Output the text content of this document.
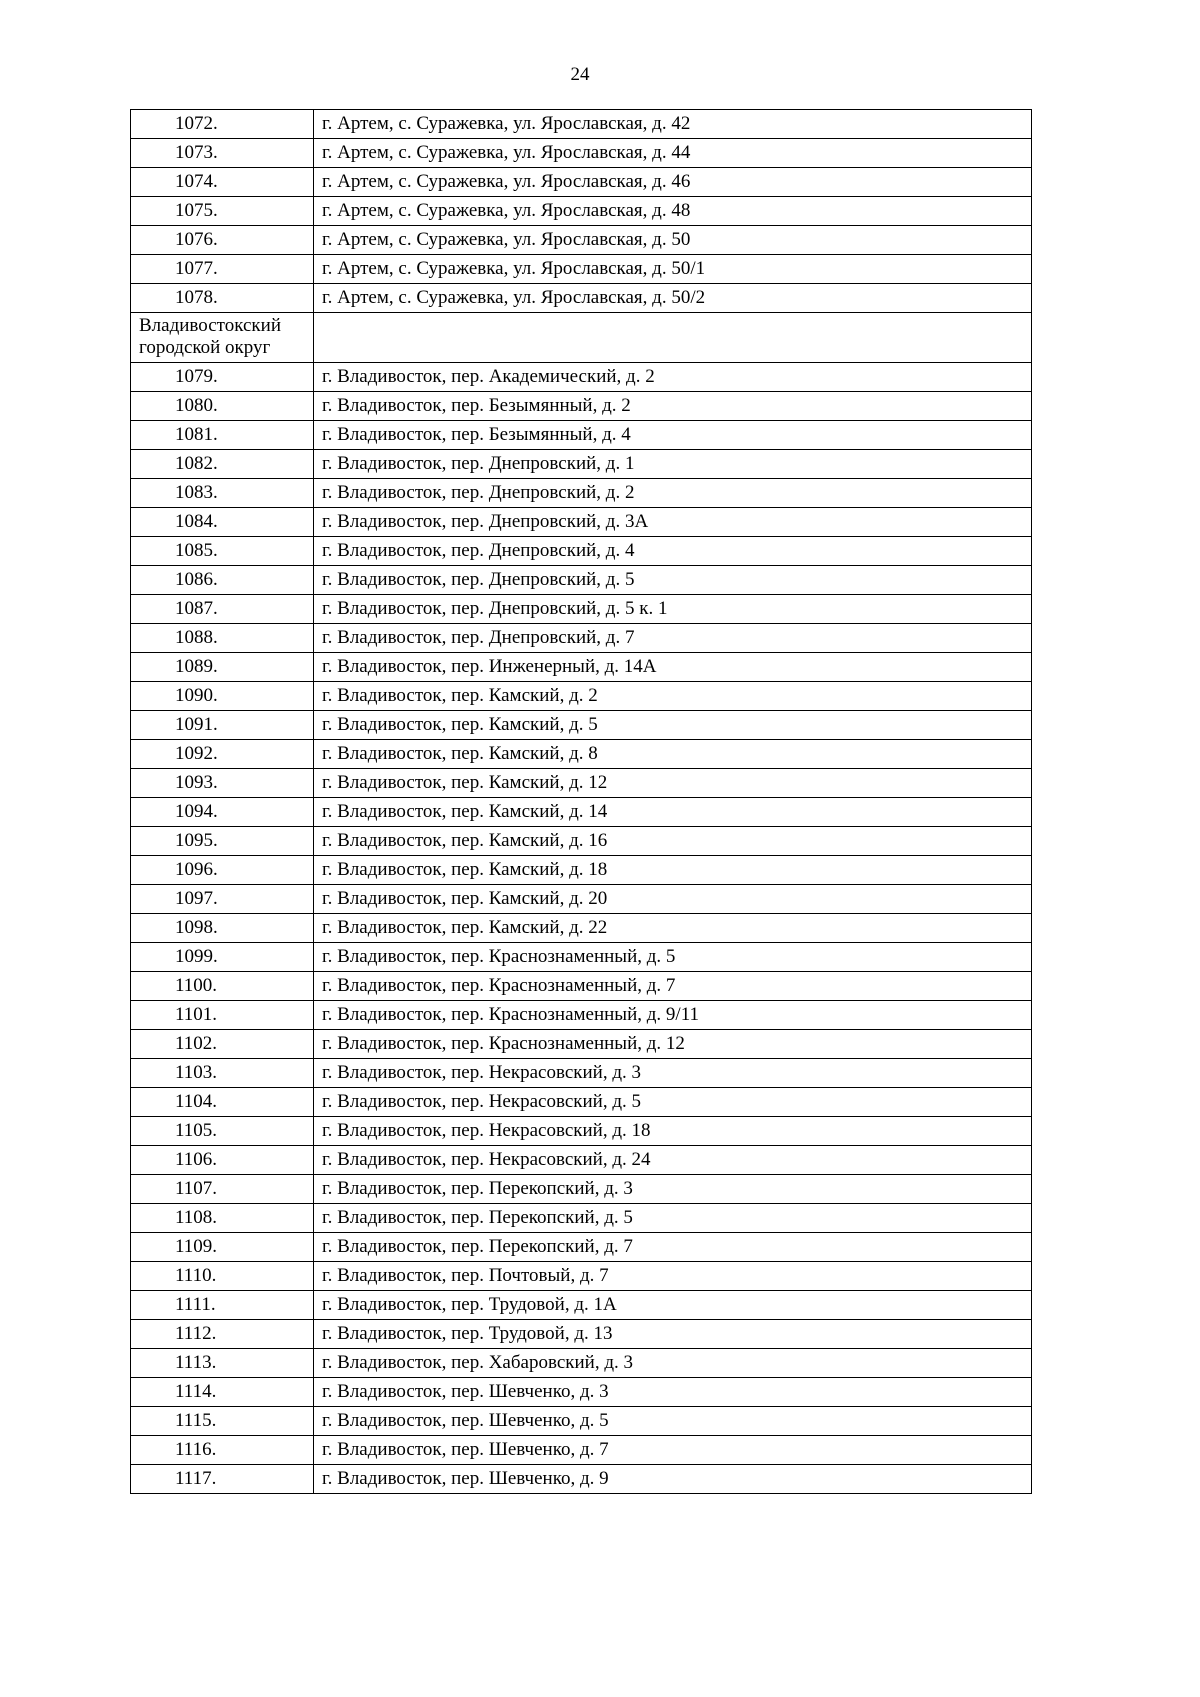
24
1072.	г. Артем, с. Суражевка, ул. Ярославская, д. 42
1073.	г. Артем, с. Суражевка, ул. Ярославская, д. 44
1074.	г. Артем, с. Суражевка, ул. Ярославская, д. 46
1075.	г. Артем, с. Суражевка, ул. Ярославская, д. 48
1076.	г. Артем, с. Суражевка, ул. Ярославская, д. 50
1077.	г. Артем, с. Суражевка, ул. Ярославская, д. 50/1
1078.	г. Артем, с. Суражевка, ул. Ярославская, д. 50/2
Владивостокский городской округ	
1079.	г. Владивосток, пер. Академический, д. 2
1080.	г. Владивосток, пер. Безымянный, д. 2
1081.	г. Владивосток, пер. Безымянный, д. 4
1082.	г. Владивосток, пер. Днепровский, д. 1
1083.	г. Владивосток, пер. Днепровский, д. 2
1084.	г. Владивосток, пер. Днепровский, д. 3А
1085.	г. Владивосток, пер. Днепровский, д. 4
1086.	г. Владивосток, пер. Днепровский, д. 5
1087.	г. Владивосток, пер. Днепровский, д. 5 к. 1
1088.	г. Владивосток, пер. Днепровский, д. 7
1089.	г. Владивосток, пер. Инженерный, д. 14А
1090.	г. Владивосток, пер. Камский, д. 2
1091.	г. Владивосток, пер. Камский, д. 5
1092.	г. Владивосток, пер. Камский, д. 8
1093.	г. Владивосток, пер. Камский, д. 12
1094.	г. Владивосток, пер. Камский, д. 14
1095.	г. Владивосток, пер. Камский, д. 16
1096.	г. Владивосток, пер. Камский, д. 18
1097.	г. Владивосток, пер. Камский, д. 20
1098.	г. Владивосток, пер. Камский, д. 22
1099.	г. Владивосток, пер. Краснознаменный, д. 5
1100.	г. Владивосток, пер. Краснознаменный, д. 7
1101.	г. Владивосток, пер. Краснознаменный, д. 9/11
1102.	г. Владивосток, пер. Краснознаменный, д. 12
1103.	г. Владивосток, пер. Некрасовский, д. 3
1104.	г. Владивосток, пер. Некрасовский, д. 5
1105.	г. Владивосток, пер. Некрасовский, д. 18
1106.	г. Владивосток, пер. Некрасовский, д. 24
1107.	г. Владивосток, пер. Перекопский, д. 3
1108.	г. Владивосток, пер. Перекопский, д. 5
1109.	г. Владивосток, пер. Перекопский, д. 7
1110.	г. Владивосток, пер. Почтовый, д. 7
1111.	г. Владивосток, пер. Трудовой, д. 1А
1112.	г. Владивосток, пер. Трудовой, д. 13
1113.	г. Владивосток, пер. Хабаровский, д. 3
1114.	г. Владивосток, пер. Шевченко, д. 3
1115.	г. Владивосток, пер. Шевченко, д. 5
1116.	г. Владивосток, пер. Шевченко, д. 7
1117.	г. Владивосток, пер. Шевченко, д. 9
